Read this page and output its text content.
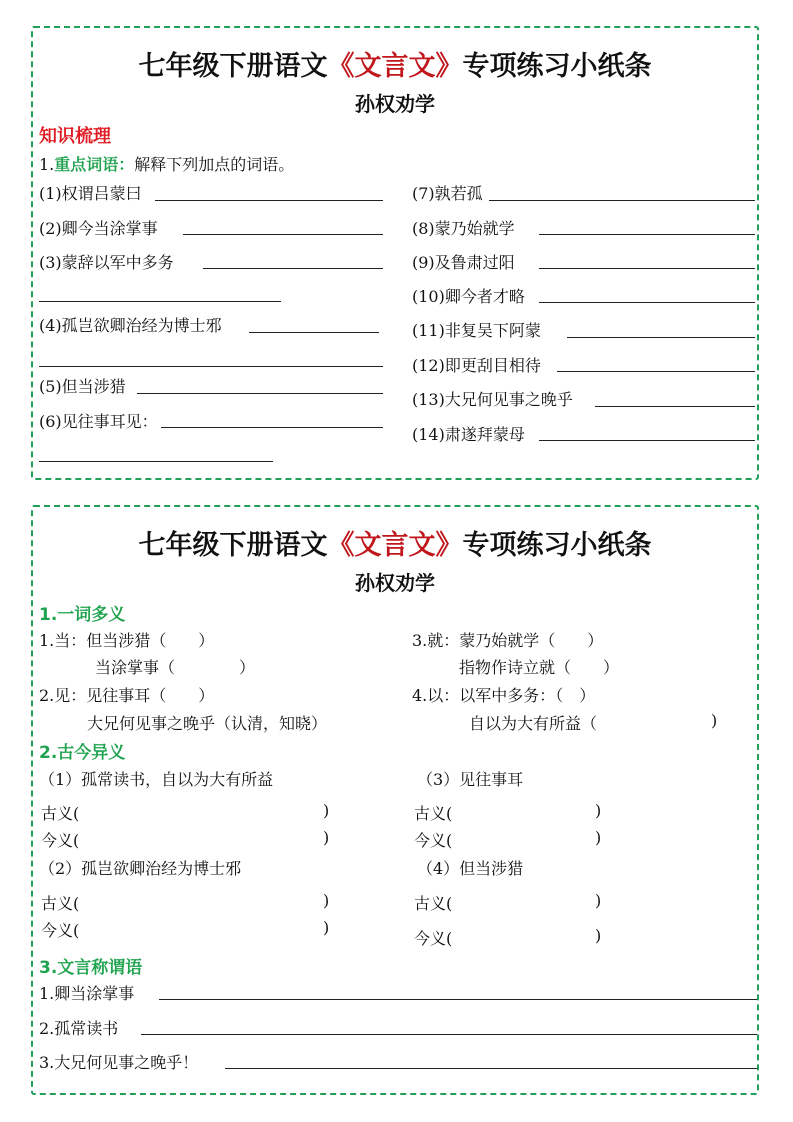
七年级下册语文《文言文》专项练习小纸条
孙权劝学
知识梳理
1.重点词语：解释下列加点的词语。
(1)权谓吕蒙曰
(2)卿今当涂掌事
(3)蒙辞以军中多务
(4)孤岂欲卿治经为博士邪
(5)但当涉猎
(6)见往事耳见：
(7)孰若孤
(8)蒙乃始就学
(9)及鲁肃过阳
(10)卿今者才略
(11)非复吴下阿蒙
(12)即更刮目相待
(13)大兄何见事之晚乎
(14)肃遂拜蒙母
七年级下册语文《文言文》专项练习小纸条
孙权劝学
1.一词多义
1.当：但当涉猎（　　）
当涂掌事（　　　　）
2.见：见往事耳（　　）
大兄何见事之晚乎（认清，知晓）
3.就：蒙乃始就学（　　）
指物作诗立就（　　）
4.以：以军中多务：（　）
自以为大有所益（	)
2.古今异义
（1）孤常读书，自以为大有所益	（3）见往事耳
古义(	)
今义(	)
古义(	)
今义(	)
（2）孤岂欲卿治经为博士邪	（4）但当涉猎
古义(	)
今义(	)
古义(	)
今义(	)
3.文言称谓语
1.卿当涂掌事
2.孤常读书
3.大兄何见事之晚乎！
